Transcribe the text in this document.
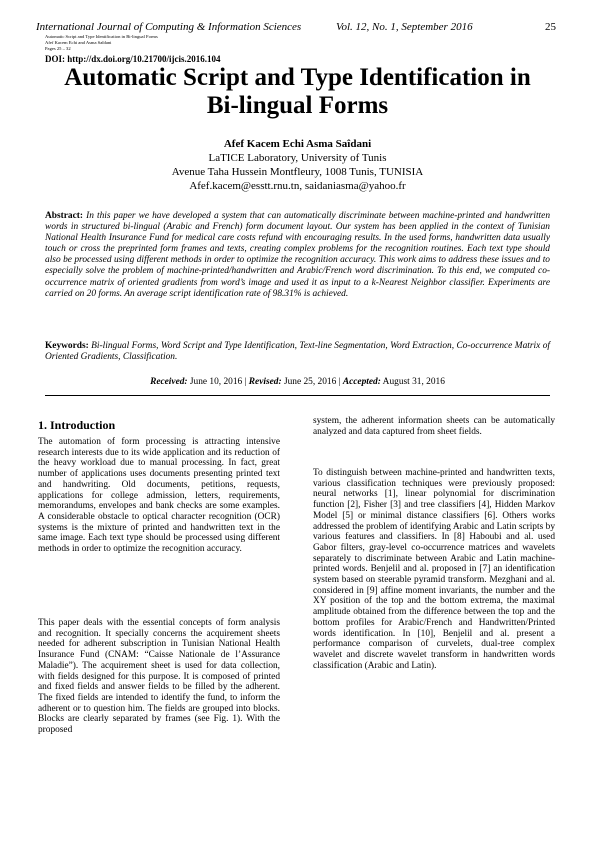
International Journal of Computing & Information Sciences	Vol. 12, No. 1, September 2016	25
Automatic Script and Type Identification in Bi-lingual Forms
Afef Kacem Echi and Asma Saîdani
Pages 25 – 32
DOI: http://dx.doi.org/10.21700/ijcis.2016.104
Automatic Script and Type Identification in
Bi-lingual Forms
Afef Kacem Echi Asma Saîdani
LaTICE Laboratory, University of Tunis
Avenue Taha Hussein Montfleury, 1008 Tunis, TUNISIA
Afef.kacem@esstt.rnu.tn, saidaniasma@yahoo.fr
Abstract: In this paper we have developed a system that can automatically discriminate between machine-printed and handwritten words in structured bi-lingual (Arabic and French) form document layout. Our system has been applied in the context of Tunisian National Health Insurance Fund for medical care costs refund with encouraging results. In the used forms, handwritten data usually touch or cross the preprinted form frames and texts, creating complex problems for the recognition routines. Each text type should also be processed using different methods in order to optimize the recognition accuracy. This work aims to address these issues and to especially solve the problem of machine-printed/handwritten and Arabic/French word discrimination. To this end, we computed co-occurrence matrix of oriented gradients from word’s image and used it as input to a k-Nearest Neighbor classifier. Experiments are carried on 20 forms. An average script identification rate of 98.31% is achieved.
Keywords: Bi-lingual Forms, Word Script and Type Identification, Text-line Segmentation, Word Extraction, Co-occurrence Matrix of Oriented Gradients, Classification.
Received: June 10, 2016 | Revised: June 25, 2016 | Accepted: August 31, 2016
1. Introduction
The automation of form processing is attracting intensive research interests due to its wide application and its reduction of the heavy workload due to manual processing. In fact, great number of applications uses documents presenting printed text and handwriting. Old documents, petitions, requests, applications for college admission, letters, requirements, memorandums, envelopes and bank checks are some examples. A considerable obstacle to optical character recognition (OCR) systems is the mixture of printed and handwritten text in the same image. Each text type should be processed using different methods in order to optimize the recognition accuracy.
This paper deals with the essential concepts of form analysis and recognition. It specially concerns the acquirement sheets needed for adherent subscription in Tunisian National Health Insurance Fund (CNAM: “Caisse Nationale de l’Assurance Maladie”). The acquirement sheet is used for data collection, with fields designed for this purpose. It is composed of printed and fixed fields and answer fields to be filled by the adherent. The fixed fields are intended to identify the fund, to inform the adherent or to question him. The fields are grouped into blocks. Blocks are clearly separated by frames (see Fig. 1). With the proposed
system, the adherent information sheets can be automatically analyzed and data captured from sheet fields.
To distinguish between machine-printed and handwritten texts, various classification techniques were previously proposed: neural networks [1], linear polynomial for discrimination function [2], Fisher [3] and tree classifiers [4], Hidden Markov Model [5] or minimal distance classifiers [6]. Others works addressed the problem of identifying Arabic and Latin scripts by various features and classifiers. In [8] Haboubi and al. used Gabor filters, gray-level co-occurrence matrices and wavelets separately to discriminate between Arabic and Latin machine-printed words. Benjelil and al. proposed in [7] an identification system based on steerable pyramid transform. Mezghani and al. considered in [9] affine moment invariants, the number and the XY position of the top and the bottom extrema, the maximal amplitude obtained from the difference between the top and the bottom profiles for Arabic/French and Handwritten/Printed words identification. In [10], Benjelil and al. present a performance comparison of curvelets, dual-tree complex wavelet and discrete wavelet transform in handwritten words classification (Arabic and Latin).
